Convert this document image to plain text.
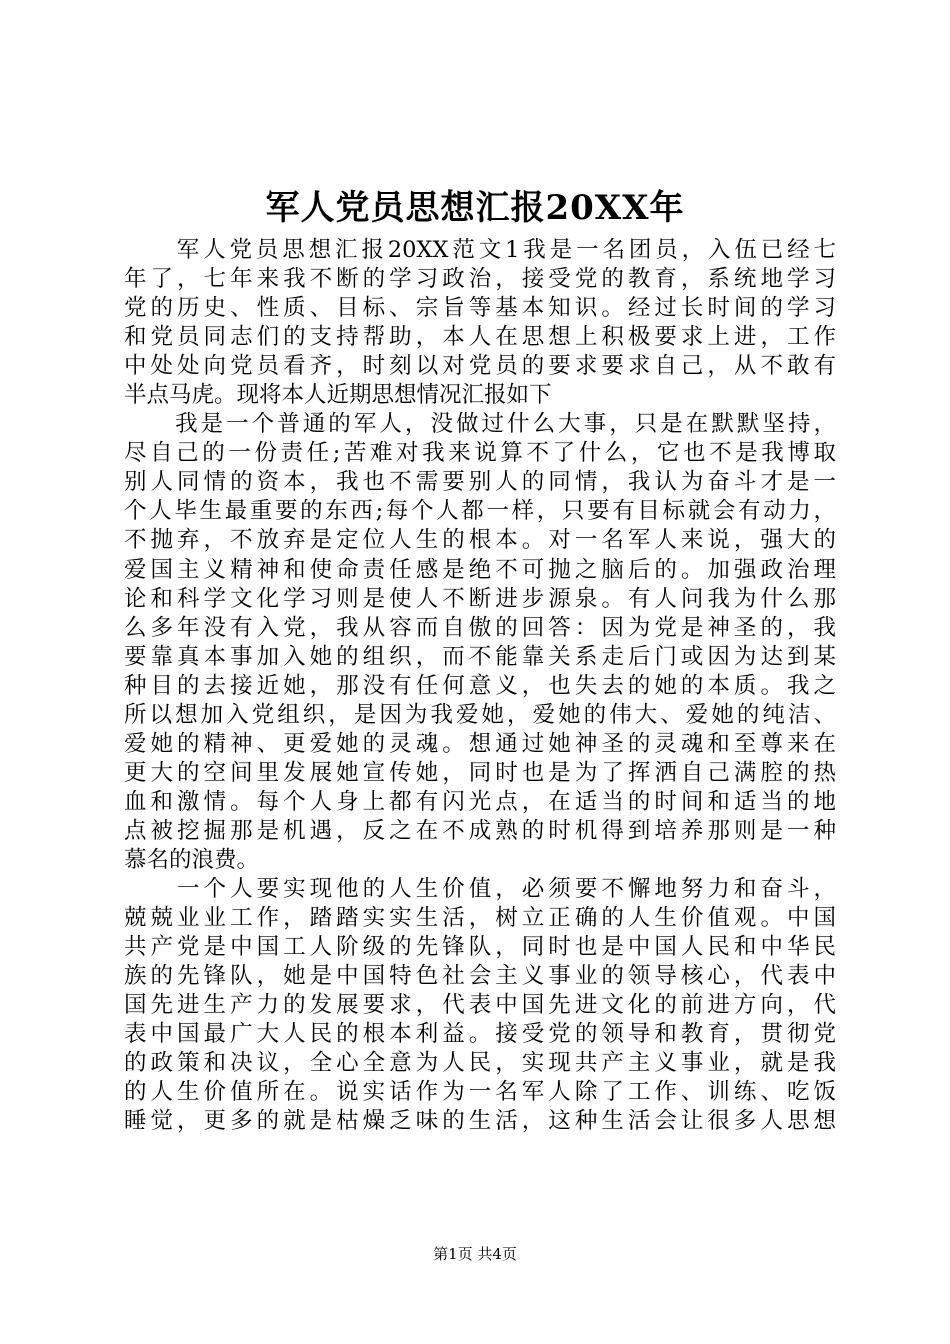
军人党员思想汇报20XX年
　　军人党员思想汇报20XX范文1我是一名团员，入伍已经七
年了，七年来我不断的学习政治，接受党的教育，系统地学习
党的历史、性质、目标、宗旨等基本知识。经过长时间的学习
和党员同志们的支持帮助，本人在思想上积极要求上进，工作
中处处向党员看齐，时刻以对党员的要求要求自己，从不敢有
半点马虎。现将本人近期思想情况汇报如下
　　我是一个普通的军人，没做过什么大事，只是在默默坚持，
尽自己的一份责任;苦难对我来说算不了什么，它也不是我博取
别人同情的资本，我也不需要别人的同情，我认为奋斗才是一
个人毕生最重要的东西;每个人都一样，只要有目标就会有动力，
不抛弃，不放弃是定位人生的根本。对一名军人来说，强大的
爱国主义精神和使命责任感是绝不可抛之脑后的。加强政治理
论和科学文化学习则是使人不断进步源泉。有人问我为什么那
么多年没有入党，我从容而自傲的回答：因为党是神圣的，我
要靠真本事加入她的组织，而不能靠关系走后门或因为达到某
种目的去接近她，那没有任何意义，也失去的她的本质。我之
所以想加入党组织，是因为我爱她，爱她的伟大、爱她的纯洁、
爱她的精神、更爱她的灵魂。想通过她神圣的灵魂和至尊来在
更大的空间里发展她宣传她，同时也是为了挥洒自己满腔的热
血和激情。每个人身上都有闪光点，在适当的时间和适当的地
点被挖掘那是机遇，反之在不成熟的时机得到培养那则是一种
慕名的浪费。
　　一个人要实现他的人生价值，必须要不懈地努力和奋斗，
兢兢业业工作，踏踏实实生活，树立正确的人生价值观。中国
共产党是中国工人阶级的先锋队，同时也是中国人民和中华民
族的先锋队，她是中国特色社会主义事业的领导核心，代表中
国先进生产力的发展要求，代表中国先进文化的前进方向，代
表中国最广大人民的根本利益。接受党的领导和教育，贯彻党
的政策和决议，全心全意为人民，实现共产主义事业，就是我
的人生价值所在。说实话作为一名军人除了工作、训练、吃饭
睡觉，更多的就是枯燥乏味的生活，这种生活会让很多人思想
第1页 共4页
